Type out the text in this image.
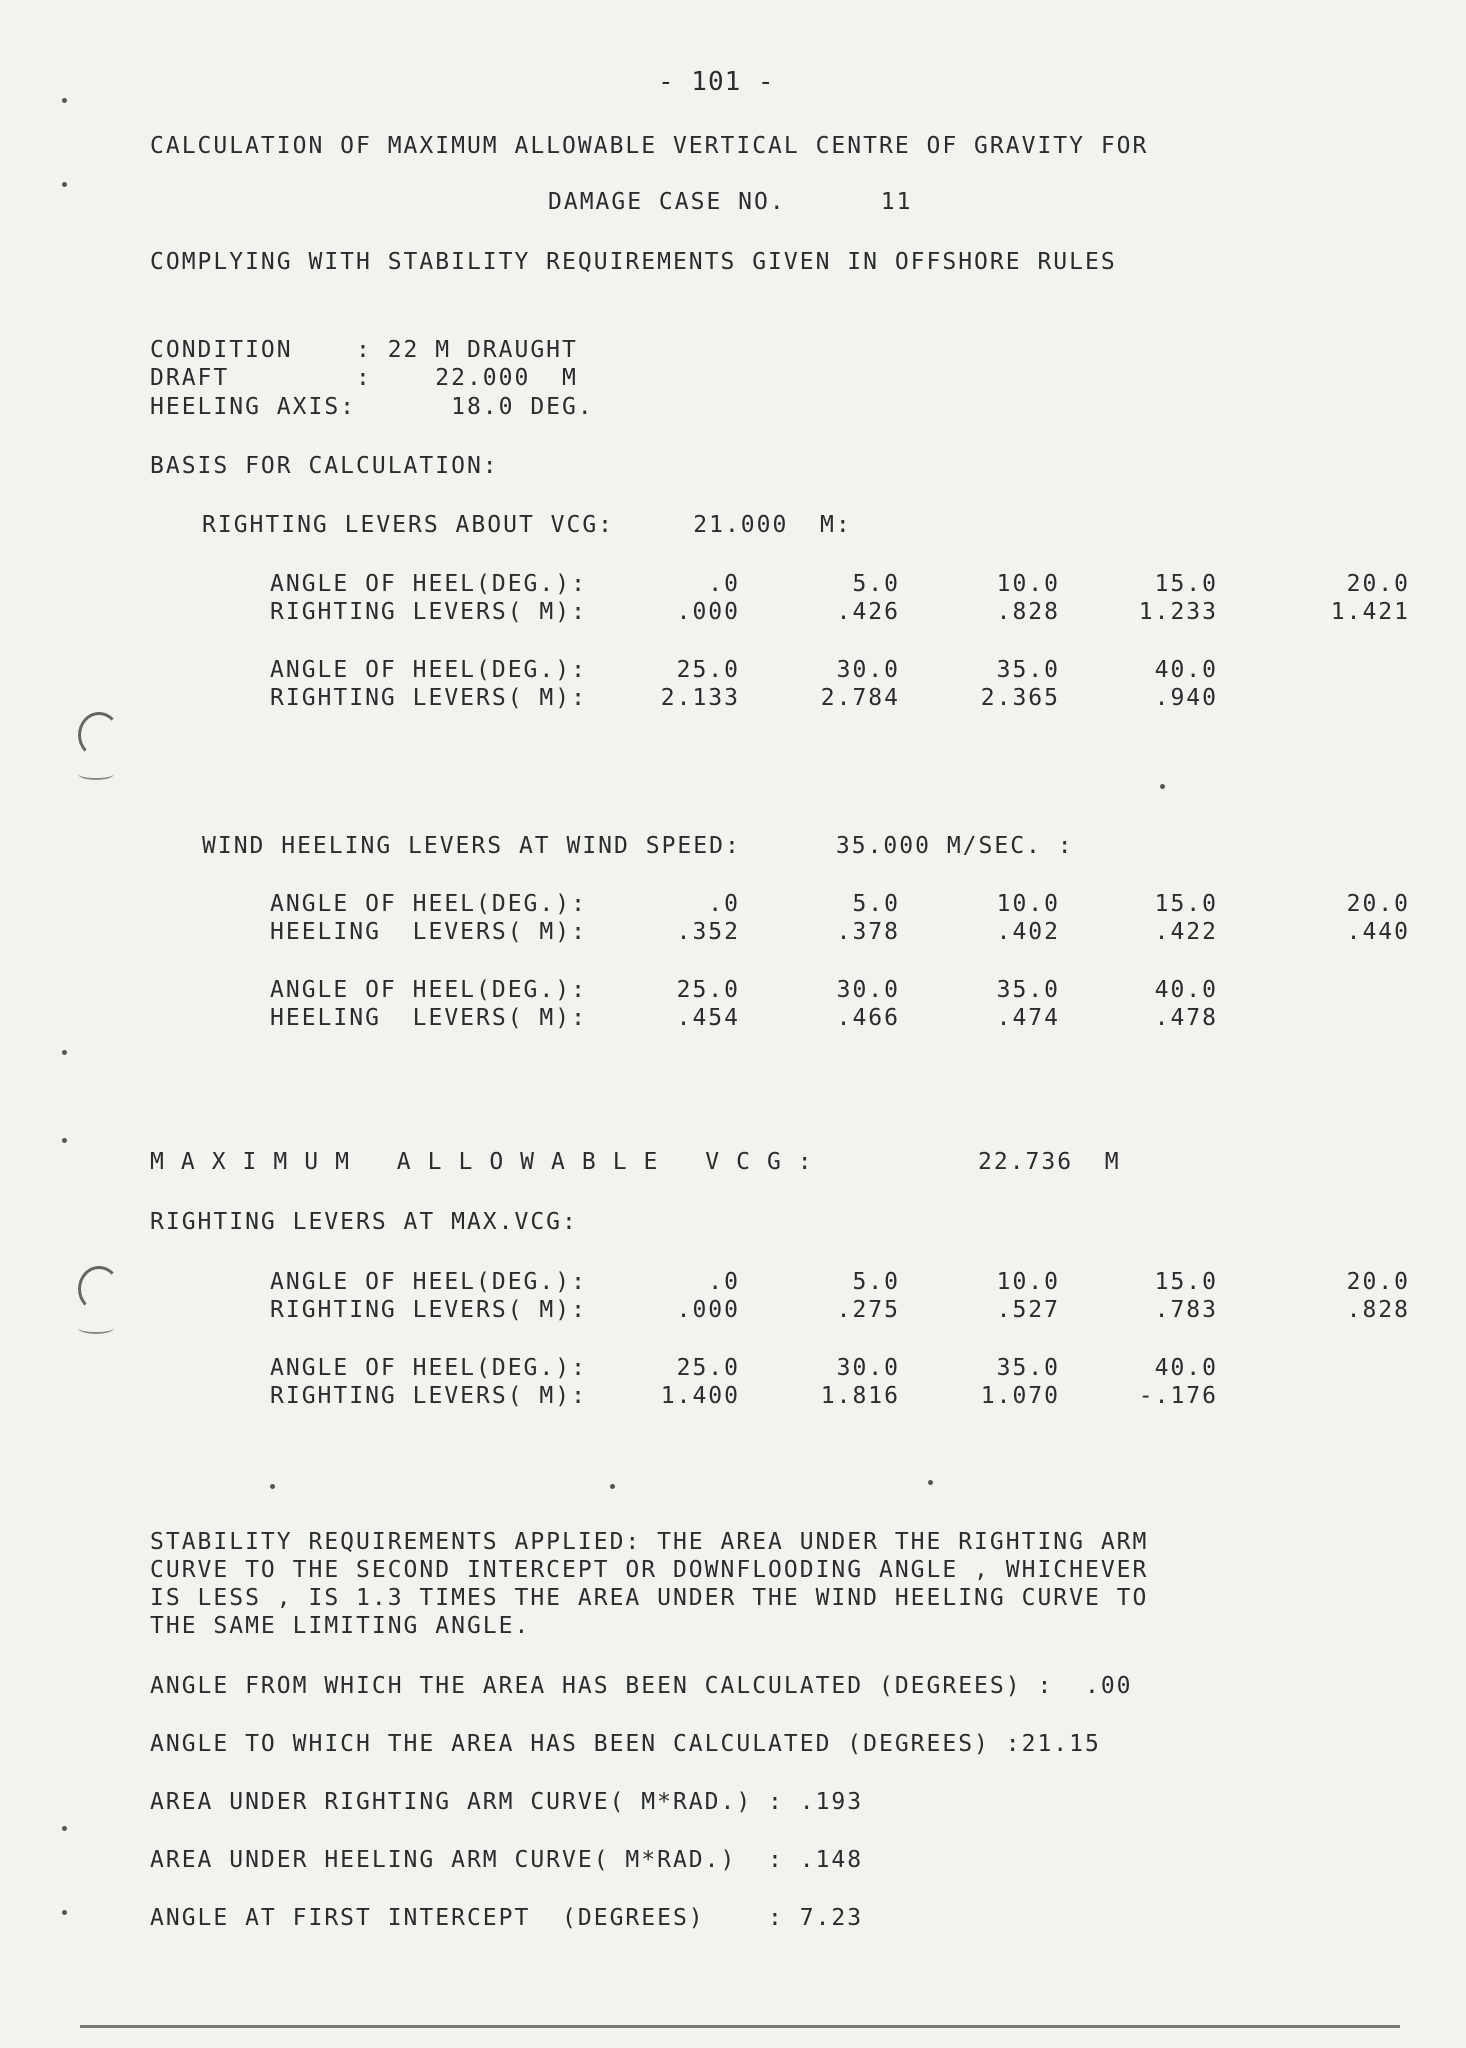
- 101 -
CALCULATION OF MAXIMUM ALLOWABLE VERTICAL CENTRE OF GRAVITY FOR
DAMAGE CASE NO.      11
COMPLYING WITH STABILITY REQUIREMENTS GIVEN IN OFFSHORE RULES
CONDITION    : 22 M DRAUGHT
DRAFT        :    22.000  M
HEELING AXIS:      18.0 DEG.
BASIS FOR CALCULATION:
RIGHTING LEVERS ABOUT VCG:     21.000  M:
ANGLE OF HEEL(DEG.):	.0	5.0	10.0	15.0	20.0
RIGHTING LEVERS( M):	.000	.426	.828	1.233	1.421
ANGLE OF HEEL(DEG.):	25.0	30.0	35.0	40.0
RIGHTING LEVERS( M):	2.133	2.784	2.365	.940
WIND HEELING LEVERS AT WIND SPEED:      35.000 M/SEC. :
ANGLE OF HEEL(DEG.):	.0	5.0	10.0	15.0	20.0
HEELING  LEVERS( M):	.352	.378	.402	.422	.440
ANGLE OF HEEL(DEG.):	25.0	30.0	35.0	40.0
HEELING  LEVERS( M):	.454	.466	.474	.478
MAXIMUM ALLOWABLE VCG:	22.736  M
RIGHTING LEVERS AT MAX.VCG:
ANGLE OF HEEL(DEG.):	.0	5.0	10.0	15.0	20.0
RIGHTING LEVERS( M):	.000	.275	.527	.783	.828
ANGLE OF HEEL(DEG.):	25.0	30.0	35.0	40.0
RIGHTING LEVERS( M):	1.400	1.816	1.070	-.176
STABILITY REQUIREMENTS APPLIED: THE AREA UNDER THE RIGHTING ARM
CURVE TO THE SECOND INTERCEPT OR DOWNFLOODING ANGLE , WHICHEVER
IS LESS , IS 1.3 TIMES THE AREA UNDER THE WIND HEELING CURVE TO
THE SAME LIMITING ANGLE.
ANGLE FROM WHICH THE AREA HAS BEEN CALCULATED (DEGREES) :  .00
ANGLE TO WHICH THE AREA HAS BEEN CALCULATED (DEGREES) :21.15
AREA UNDER RIGHTING ARM CURVE( M*RAD.) : .193
AREA UNDER HEELING ARM CURVE( M*RAD.)  : .148
ANGLE AT FIRST INTERCEPT  (DEGREES)    : 7.23
